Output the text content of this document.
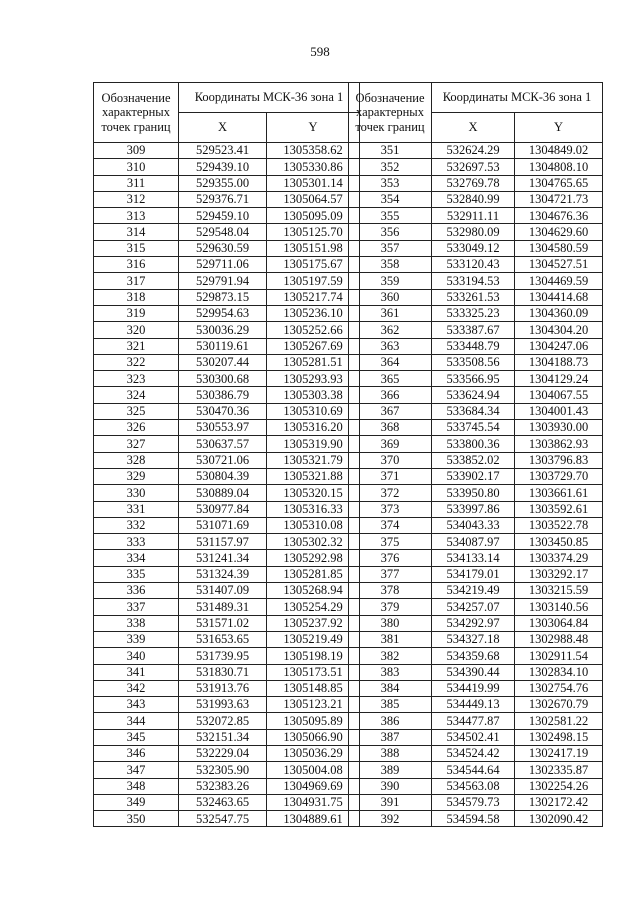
598
Обозначение характерных точек границ	Координаты МСК-36 зона 1	
	X	Y
309	529523.41	1305358.62
310	529439.10	1305330.86
311	529355.00	1305301.14
312	529376.71	1305064.57
313	529459.10	1305095.09
314	529548.04	1305125.70
315	529630.59	1305151.98
316	529711.06	1305175.67
317	529791.94	1305197.59
318	529873.15	1305217.74
319	529954.63	1305236.10
320	530036.29	1305252.66
321	530119.61	1305267.69
322	530207.44	1305281.51
323	530300.68	1305293.93
324	530386.79	1305303.38
325	530470.36	1305310.69
326	530553.97	1305316.20
327	530637.57	1305319.90
328	530721.06	1305321.79
329	530804.39	1305321.88
330	530889.04	1305320.15
331	530977.84	1305316.33
332	531071.69	1305310.08
333	531157.97	1305302.32
334	531241.34	1305292.98
335	531324.39	1305281.85
336	531407.09	1305268.94
337	531489.31	1305254.29
338	531571.02	1305237.92
339	531653.65	1305219.49
340	531739.95	1305198.19
341	531830.71	1305173.51
342	531913.76	1305148.85
343	531993.63	1305123.21
344	532072.85	1305095.89
345	532151.34	1305066.90
346	532229.04	1305036.29
347	532305.90	1305004.08
348	532383.26	1304969.69
349	532463.65	1304931.75
350	532547.75	1304889.61
Обозначение характерных точек границ	Координаты МСК-36 зона 1	
	X	Y
351	532624.29	1304849.02
352	532697.53	1304808.10
353	532769.78	1304765.65
354	532840.99	1304721.73
355	532911.11	1304676.36
356	532980.09	1304629.60
357	533049.12	1304580.59
358	533120.43	1304527.51
359	533194.53	1304469.59
360	533261.53	1304414.68
361	533325.23	1304360.09
362	533387.67	1304304.20
363	533448.79	1304247.06
364	533508.56	1304188.73
365	533566.95	1304129.24
366	533624.94	1304067.55
367	533684.34	1304001.43
368	533745.54	1303930.00
369	533800.36	1303862.93
370	533852.02	1303796.83
371	533902.17	1303729.70
372	533950.80	1303661.61
373	533997.86	1303592.61
374	534043.33	1303522.78
375	534087.97	1303450.85
376	534133.14	1303374.29
377	534179.01	1303292.17
378	534219.49	1303215.59
379	534257.07	1303140.56
380	534292.97	1303064.84
381	534327.18	1302988.48
382	534359.68	1302911.54
383	534390.44	1302834.10
384	534419.99	1302754.76
385	534449.13	1302670.79
386	534477.87	1302581.22
387	534502.41	1302498.15
388	534524.42	1302417.19
389	534544.64	1302335.87
390	534563.08	1302254.26
391	534579.73	1302172.42
392	534594.58	1302090.42
